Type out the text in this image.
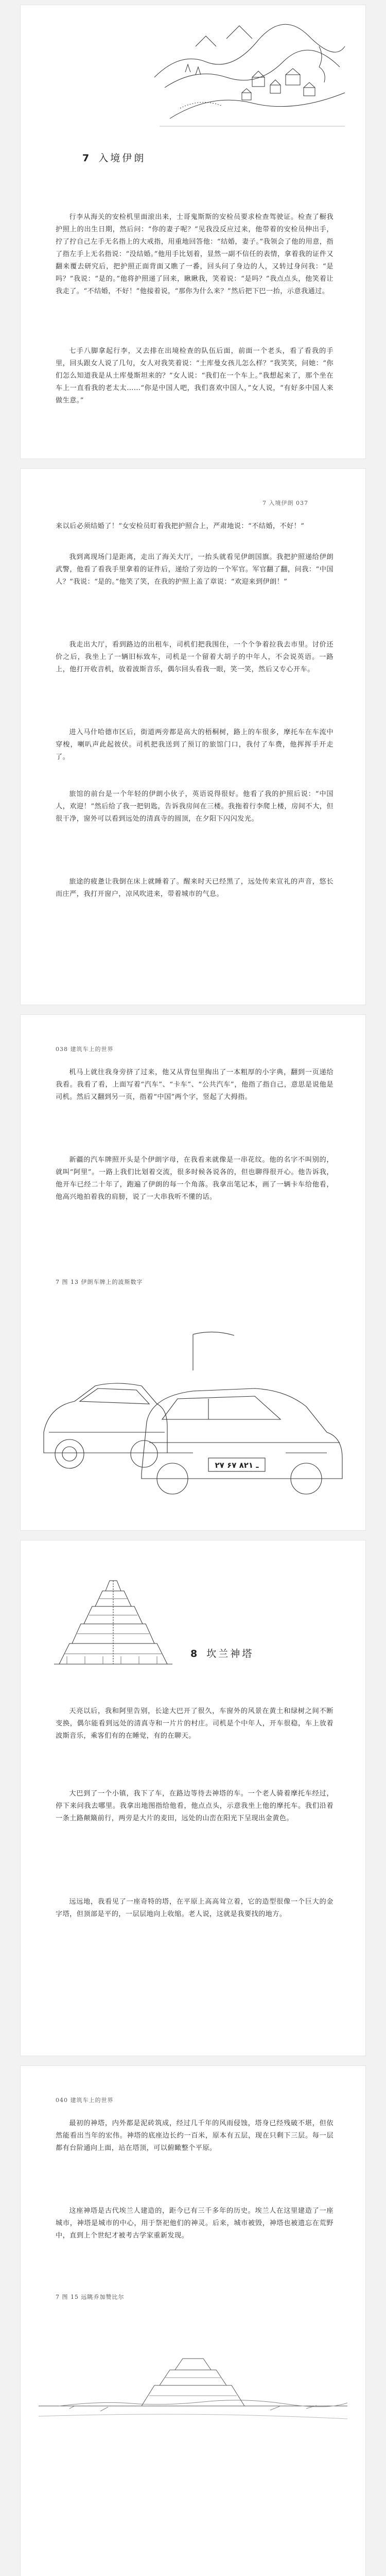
7 入境伊朗

行李从海关的安检机里面滚出来，士哥鬼斯斯的安检员要求检查驾驶证。检查了橱我护照上的出生日期，然后问：“你的妻子呢？”见我没反应过来，他带着的安检员伸出手，拧了拧自己左手无名指上的大戒指，用重地回答他：“结婚，妻子。”我领会了他的用意，指了指左手上无名指说：“没结婚。”他用手比划着，显然一副不信任的表情，拿着我的证件又翻来覆去研究后，把护照正面背面又瞧了一番，回头问了身边的人，又转过身问我：“是吗？”我说：“是的。”他将护照递了回来，瞅瞅我，笑着说：“是吗？”我点点头，他笑着让我走了。“不结婚，不好！”他接着说，“那你为什么来？”然后把下巴一抬，示意我通过。

七手八脚拿起行李，又去排在出境检查的队伍后面，前面一个老头，看了看我的手里，回头跟女人说了几句，女人对我笑着说：“土库曼女孩儿怎么样？”我笑笑，问她：“你们怎么知道我是从土库曼斯坦来的？”女人说：“我们在一个车上。”我想起来了，那个坐在车上一直看我的老太太……“你是中国人吧，我们喜欢中国人，”女人说，“有好多中国人来做生意。”

7 入境伊朗 037

来以后必须结婚了！”女安检员盯着我把护照合上，严肃地说：“不结婚，不好！”

我到离现场门是距离，走出了海关大厅，一抬头就看见伊朗国旗。我把护照递给伊朗武警，他看了看我手里拿着的证件后，递给了旁边的一个军官。军官翻了翻，问我：“中国人？”我说：“是的。”他笑了笑，在我的护照上盖了章说：“欢迎来到伊朗！”

我走出大厅，看到路边的出租车，司机们把我围住，一个个争着拉我去市里。讨价还价之后，我坐上了一辆旧标致车，司机是一个留着大胡子的中年人，不会说英语。一路上，他打开收音机，放着波斯音乐，偶尔回头看我一眼，笑一笑，然后又专心开车。

进入马什哈德市区后，街道两旁都是高大的梧桐树，路上的车很多，摩托车在车流中穿梭，喇叭声此起彼伏。司机把我送到了预订的旅馆门口，我付了车费，他挥挥手开走了。

旅馆的前台是一个年轻的伊朗小伙子，英语说得很好。他看了我的护照后说：“中国人，欢迎！”然后给了我一把钥匙，告诉我房间在三楼。我拖着行李爬上楼，房间不大，但很干净，窗外可以看到远处的清真寺的圆顶，在夕阳下闪闪发光。

旅途的疲惫让我倒在床上就睡着了。醒来时天已经黑了，远处传来宣礼的声音，悠长而庄严，我打开窗户，凉风吹进来，带着城市的气息。

038 建筑车上的世界

机马上就往我身旁挤了过来，他又从背包里掏出了一本粗厚的小字典，翻到一页递给我看。我看了看，上面写着“汽车”、“卡车”、“公共汽车”，他指了指自己，意思是说他是司机。然后又翻到另一页，指着“中国”两个字，竖起了大拇指。

新疆的汽车牌照开头是个伊朗字母，在我看来就像是一串花纹。他的名字不叫别的，就叫“阿里”。一路上我们比划着交流，很多时候各说各的，但也聊得很开心。他告诉我，他开车已经二十年了，跑遍了伊朗的每一个角落。我拿出笔记本，画了一辆卡车给他看，他高兴地拍着我的肩膀，说了一大串我听不懂的话。

7 图 13 伊朗车牌上的波斯数字
۲۷ ـ ۸۲۱ ۶۷
8 坎兰神塔

天亮以后，我和阿里告别，长途大巴开了很久，车窗外的风景在黄土和绿树之间不断变换，偶尔能看到远处的清真寺和一片片的村庄。司机是个中年人，开车很稳，车上放着波斯音乐，乘客们有的在睡觉，有的在聊天。

大巴到了一个小镇，我下了车，在路边等待去神塔的车。一个老人骑着摩托车经过，停下来问我去哪里。我拿出地图指给他看，他点点头，示意我坐上他的摩托车。我们沿着一条土路颠簸前行，两旁是大片的麦田，远处的山峦在阳光下呈现出金黄色。

远远地，我看见了一座奇特的塔，在平原上高高耸立着，它的造型很像一个巨大的金字塔，但顶部是平的，一层层地向上收缩。老人说，这就是我要找的地方。

040 建筑车上的世界

最初的神塔，内外都是泥砖筑成，经过几千年的风雨侵蚀，塔身已经残破不堪，但依然能看出当年的宏伟。神塔的底座边长约一百米，原本有五层，现在只剩下三层。每一层都有台阶通向上面，站在塔顶，可以俯瞰整个平原。

这座神塔是古代埃兰人建造的，距今已有三千多年的历史。埃兰人在这里建造了一座城市，神塔是城市的中心，用于祭祀他们的神灵。后来，城市被毁，神塔也被遗忘在荒野中，直到上个世纪才被考古学家重新发现。

7 图 15 远眺乔加赞比尔
